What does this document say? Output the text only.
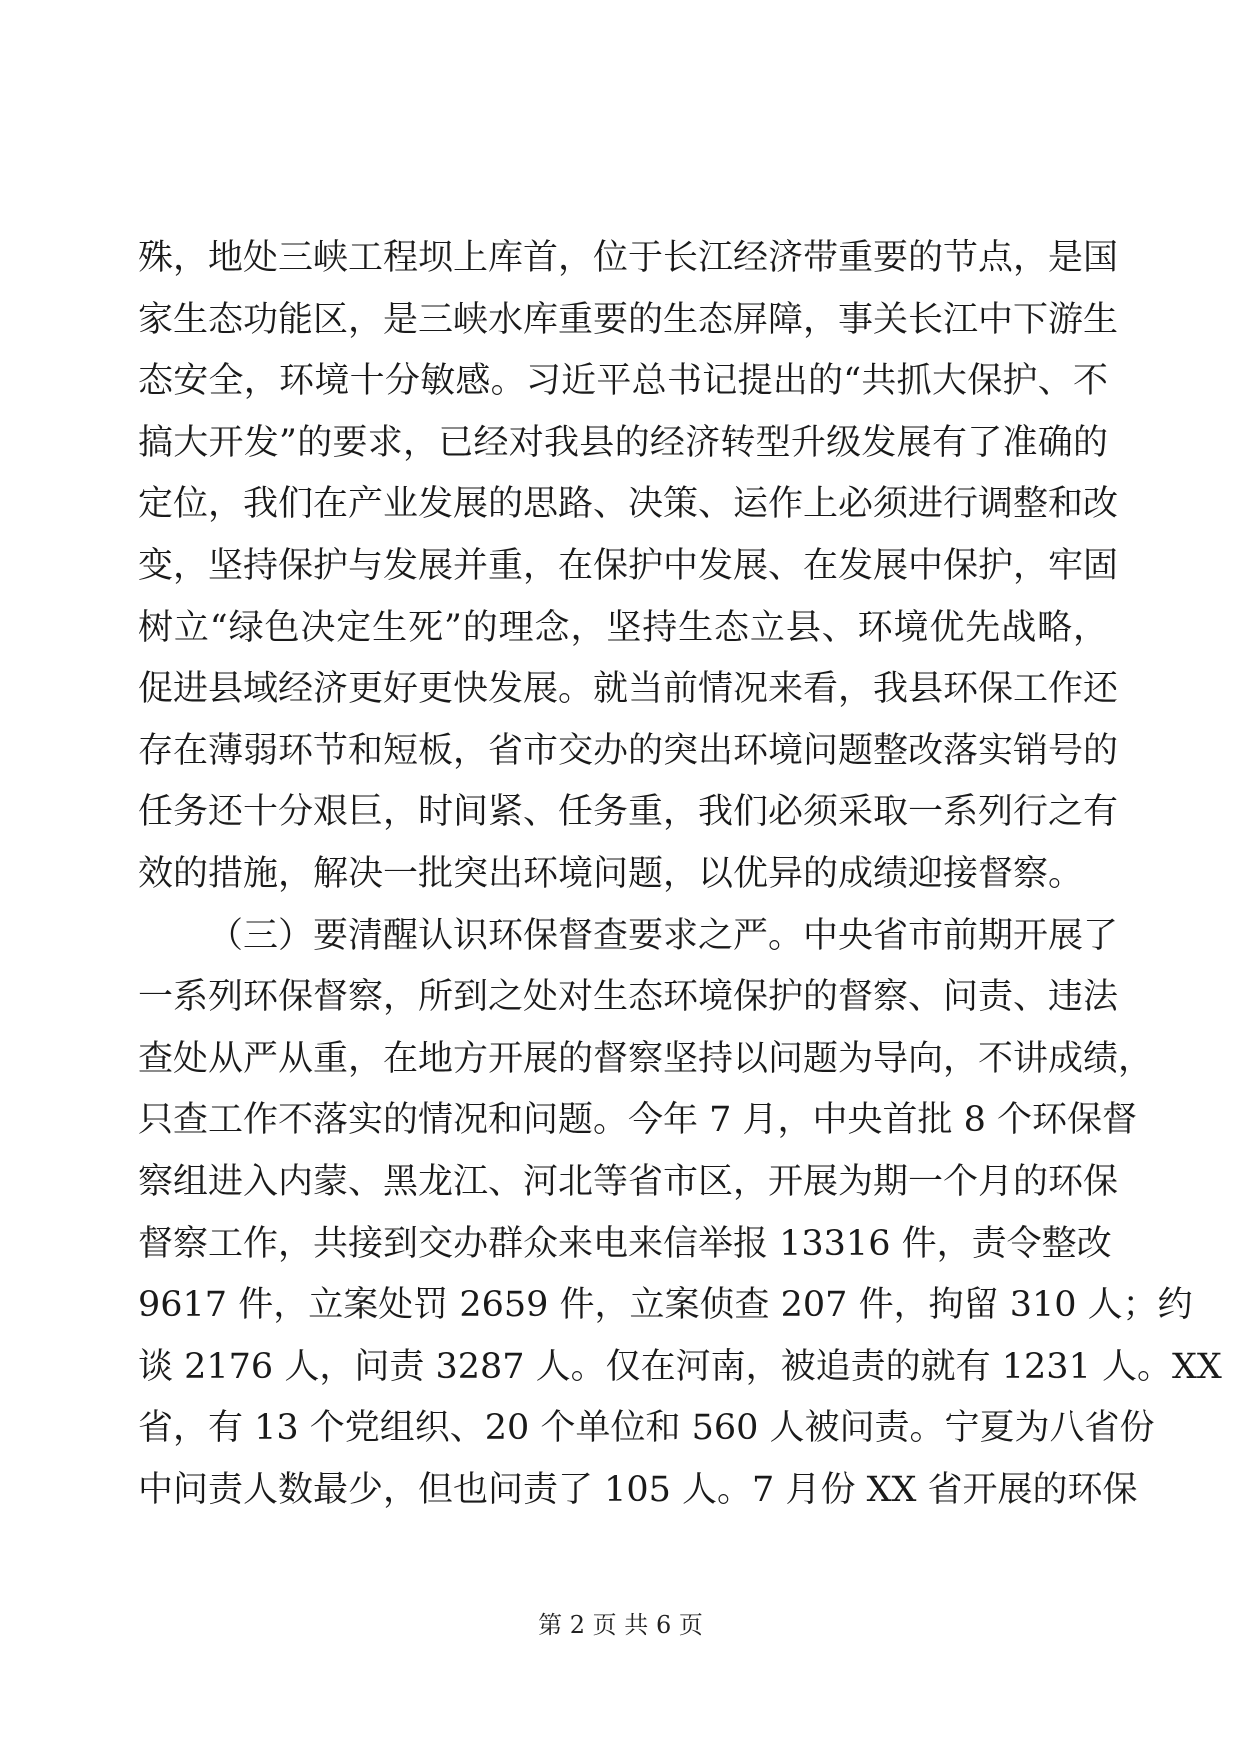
殊，地处三峡工程坝上库首，位于长江经济带重要的节点，是国
家生态功能区，是三峡水库重要的生态屏障，事关长江中下游生
态安全，环境十分敏感。习近平总书记提出的“共抓大保护、不
搞大开发”的要求，已经对我县的经济转型升级发展有了准确的
定位，我们在产业发展的思路、决策、运作上必须进行调整和改
变，坚持保护与发展并重，在保护中发展、在发展中保护，牢固
树立“绿色决定生死”的理念，坚持生态立县、环境优先战略，
促进县域经济更好更快发展。就当前情况来看，我县环保工作还
存在薄弱环节和短板，省市交办的突出环境问题整改落实销号的
任务还十分艰巨，时间紧、任务重，我们必须采取一系列行之有
效的措施，解决一批突出环境问题，以优异的成绩迎接督察。
（三）要清醒认识环保督查要求之严。中央省市前期开展了
一系列环保督察，所到之处对生态环境保护的督察、问责、违法
查处从严从重，在地方开展的督察坚持以问题为导向，不讲成绩，
只查工作不落实的情况和问题。今年 7 月，中央首批 8 个环保督
察组进入内蒙、黑龙江、河北等省市区，开展为期一个月的环保
督察工作，共接到交办群众来电来信举报 13316 件，责令整改
9617 件，立案处罚 2659 件，立案侦查 207 件，拘留 310 人；约
谈 2176 人，问责 3287 人。仅在河南，被追责的就有 1231 人。XX
省，有 13 个党组织、20 个单位和 560 人被问责。宁夏为八省份
中问责人数最少，但也问责了 105 人。7 月份 XX 省开展的环保
第 2 页 共 6 页
